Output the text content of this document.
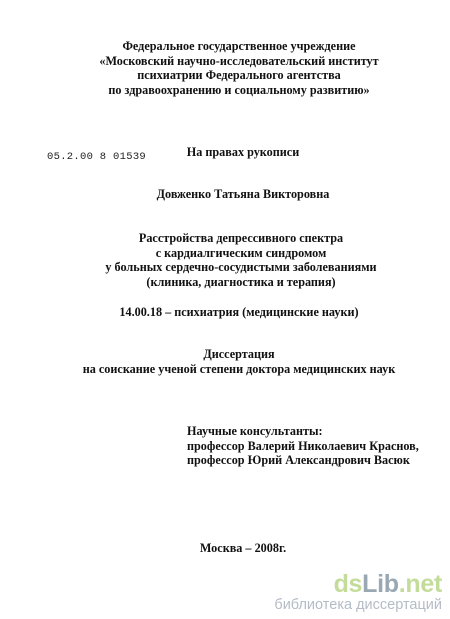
Федеральное государственное учреждение
«Московский научно-исследовательский институт
психиатрии Федерального агентства
по здравоохранению и социальному развитию»
На правах рукописи
05.2.00 8 01539
Довженко Татьяна Викторовна
Расстройства депрессивного спектра
с кардиалгическим синдромом
у больных сердечно-сосудистыми заболеваниями
(клиника, диагностика и терапия)
14.00.18 – психиатрия (медицинские науки)
Диссертация
на соискание ученой степени доктора медицинских наук
Научные консультанты:
профессор Валерий Николаевич Краснов,
профессор Юрий Александрович Васюк
Москва – 2008г.
dsLib.net
библиотека диссертаций
